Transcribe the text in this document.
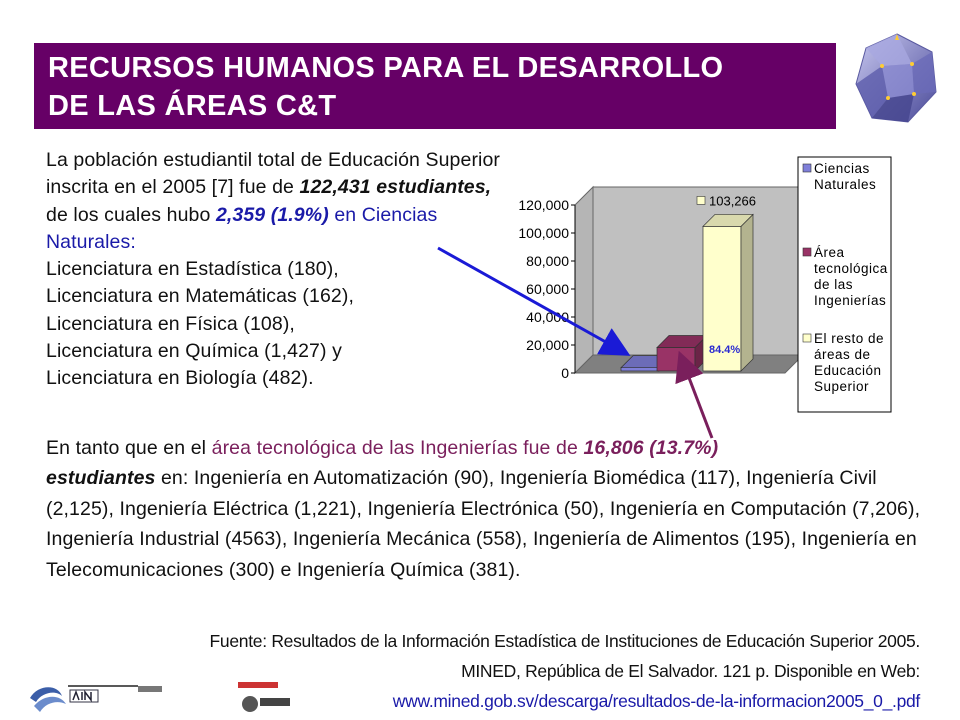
RECURSOS HUMANOS PARA EL DESARROLLO
DE LAS ÁREAS C&T
La población estudiantil total de Educación Superior inscrita en el 2005 [7] fue de 122,431 estudiantes, de los cuales hubo 2,359 (1.9%) en Ciencias Naturales:
Licenciatura en Estadística (180),
Licenciatura en Matemáticas (162),
Licenciatura en Física (108),
Licenciatura en Química (1,427) y
Licenciatura en Biología (482).	0
20,000
40,000
60,000
80,000
100,000
120,000	103,266
84.4%
Ciencias
Naturales
Área
tecnológica
de las
Ingenierías
El resto de
áreas de
Educación
Superior
En tanto que en el área tecnológica de las Ingenierías fue de 16,806 (13.7%)
estudiantes en: Ingeniería en Automatización (90), Ingeniería Biomédica (117), Ingeniería Civil (2,125), Ingeniería Eléctrica (1,221), Ingeniería Electrónica (50), Ingeniería en Computación (7,206), Ingeniería Industrial (4563), Ingeniería Mecánica (558), Ingeniería de Alimentos (195), Ingeniería en Telecomunicaciones (300) e Ingeniería Química (381).
Fuente: Resultados de la Información Estadística de Instituciones de Educación Superior 2005.
MINED, República de El Salvador. 121 p. Disponible en Web:
www.mined.gob.sv/descarga/resultados-de-la-informacion2005_0_.pdf
